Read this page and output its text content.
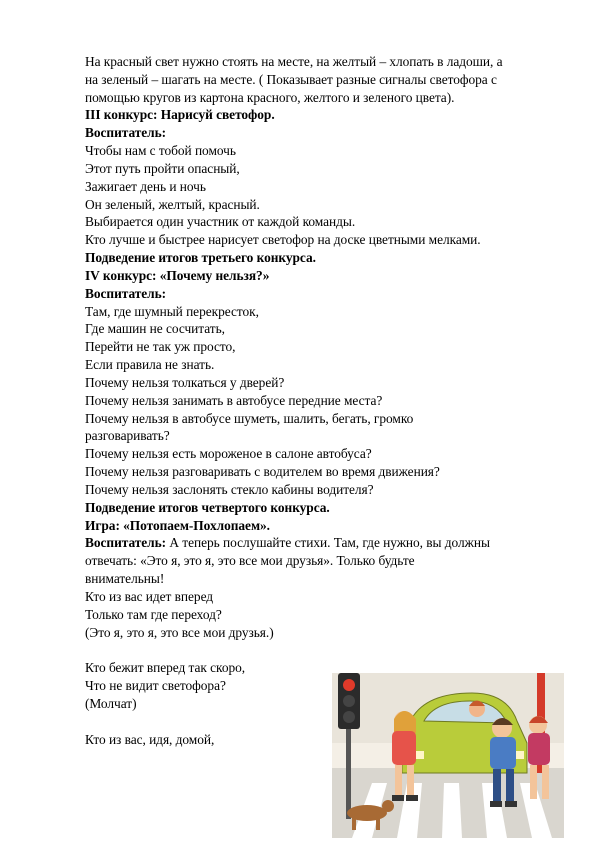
На красный свет нужно стоять на месте, на желтый – хлопать в ладоши, а
на зеленый – шагать на месте. ( Показывает разные сигналы светофора с
помощью кругов из картона красного, желтого и зеленого цвета).
III конкурс: Нарисуй светофор.
Воспитатель:
Чтобы нам с тобой помочь
Этот путь пройти опасный,
Зажигает день и ночь
Он зеленый, желтый, красный.
Выбирается один участник от каждой команды.
Кто лучше и быстрее нарисует светофор на доске цветными мелками.
Подведение итогов третьего конкурса.
IV конкурс: «Почему нельзя?»
Воспитатель:
Там, где шумный перекресток,
Где машин не сосчитать,
Перейти не так уж просто,
Если правила не знать.
Почему нельзя толкаться у дверей?
Почему нельзя занимать в автобусе передние места?
Почему нельзя в автобусе шуметь, шалить, бегать, громко
разговаривать?
Почему нельзя есть мороженое в салоне автобуса?
Почему нельзя разговаривать с водителем во время движения?
Почему нельзя заслонять стекло кабины водителя?
Подведение итогов четвертого конкурса.
Игра: «Потопаем-Похлопаем».
Воспитатель: А теперь послушайте стихи. Там, где нужно, вы должны
отвечать: «Это я, это я, это все мои друзья». Только будьте
внимательны!
Кто из вас идет вперед
Только там где переход?
(Это я, это я, это все мои друзья.)
Кто бежит вперед так скоро,
Что не видит светофора?
(Молчат)
Кто из вас, идя, домой,
